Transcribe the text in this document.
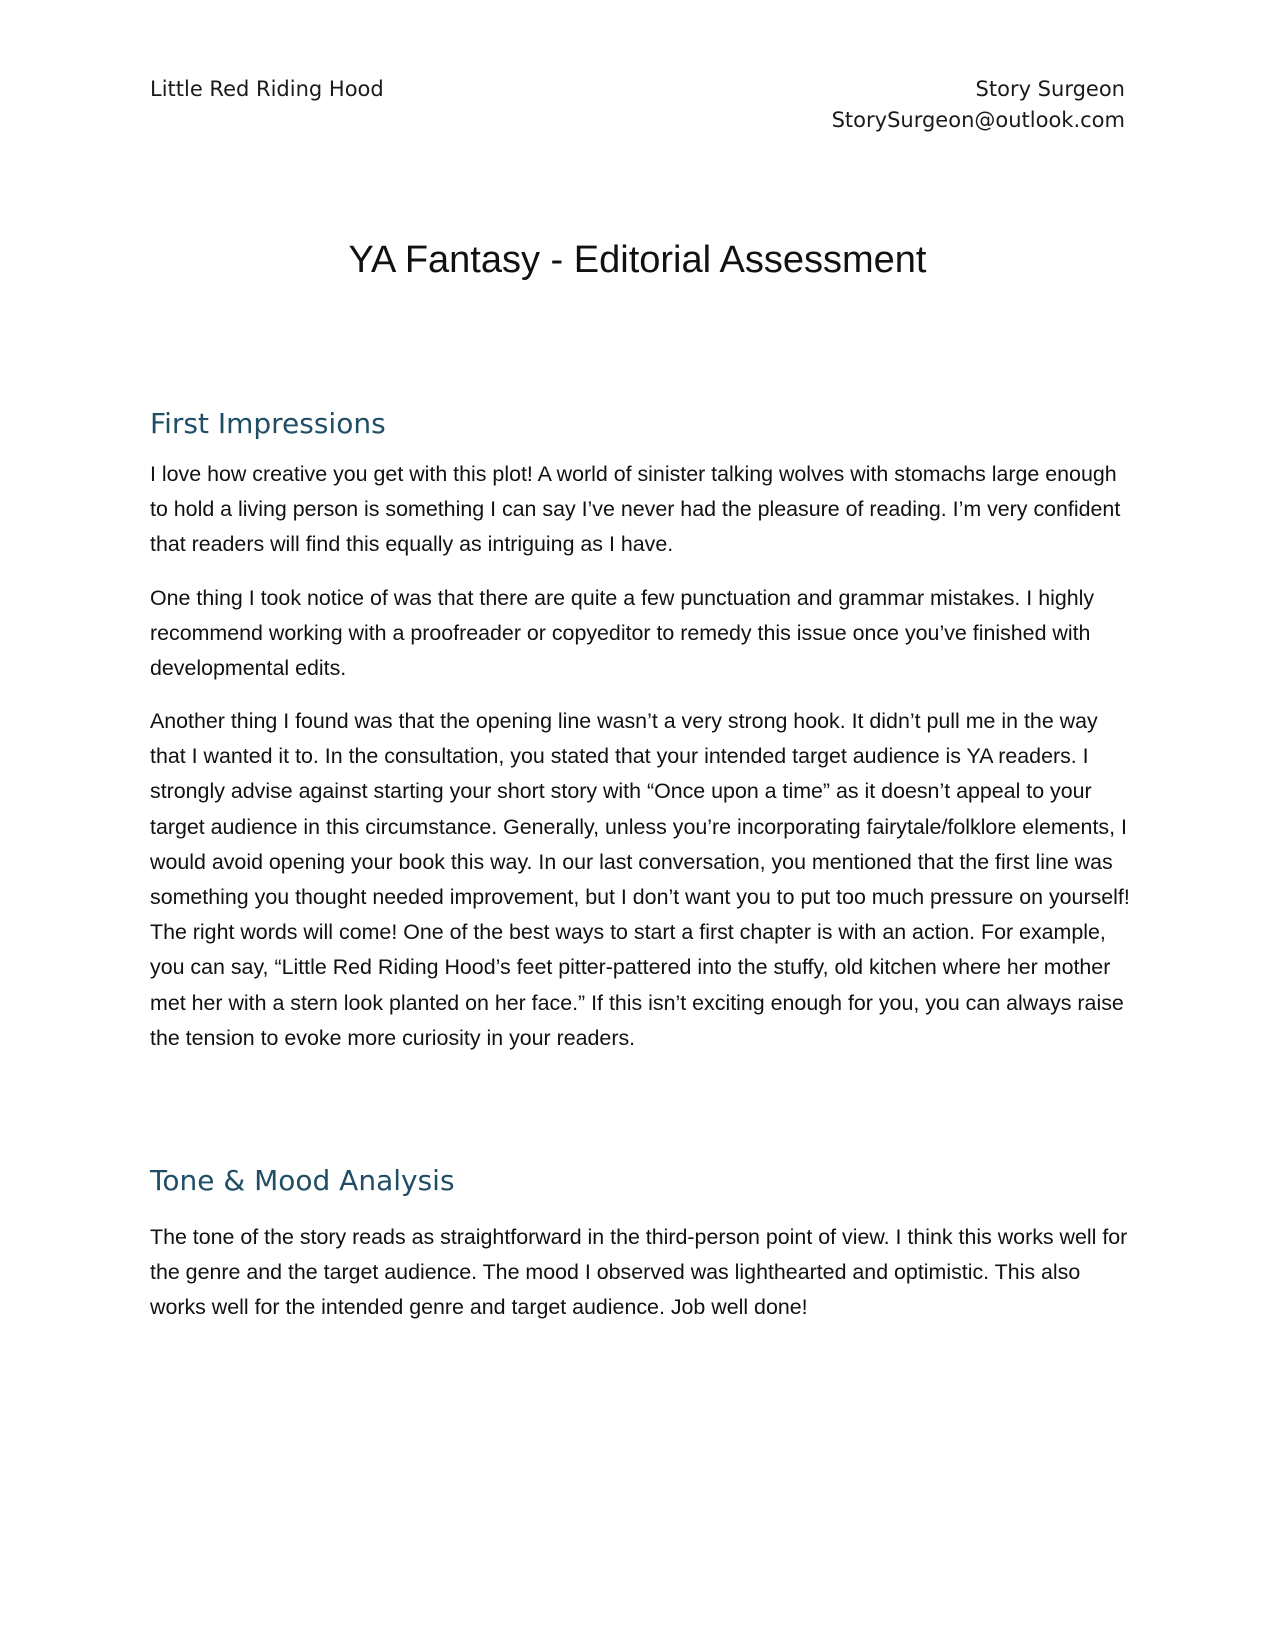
Little Red Riding Hood	Story Surgeon
StorySurgeon@outlook.com
YA Fantasy - Editorial Assessment
First Impressions

I love how creative you get with this plot! A world of sinister talking wolves with stomachs large enough to hold a living person is something I can say I’ve never had the pleasure of reading. I’m very confident that readers will find this equally as intriguing as I have.

One thing I took notice of was that there are quite a few punctuation and grammar mistakes. I highly recommend working with a proofreader or copyeditor to remedy this issue once you’ve finished with developmental edits.

Another thing I found was that the opening line wasn’t a very strong hook. It didn’t pull me in the way that I wanted it to. In the consultation, you stated that your intended target audience is YA readers. I strongly advise against starting your short story with “Once upon a time” as it doesn’t appeal to your target audience in this circumstance. Generally, unless you’re incorporating fairytale/folklore elements, I would avoid opening your book this way. In our last conversation, you mentioned that the first line was something you thought needed improvement, but I don’t want you to put too much pressure on yourself! The right words will come! One of the best ways to start a first chapter is with an action. For example, you can say, “Little Red Riding Hood’s feet pitter-pattered into the stuffy, old kitchen where her mother met her with a stern look planted on her face.” If this isn’t exciting enough for you, you can always raise the tension to evoke more curiosity in your readers.

Tone & Mood Analysis

The tone of the story reads as straightforward in the third-person point of view. I think this works well for the genre and the target audience. The mood I observed was lighthearted and optimistic. This also works well for the intended genre and target audience. Job well done!
